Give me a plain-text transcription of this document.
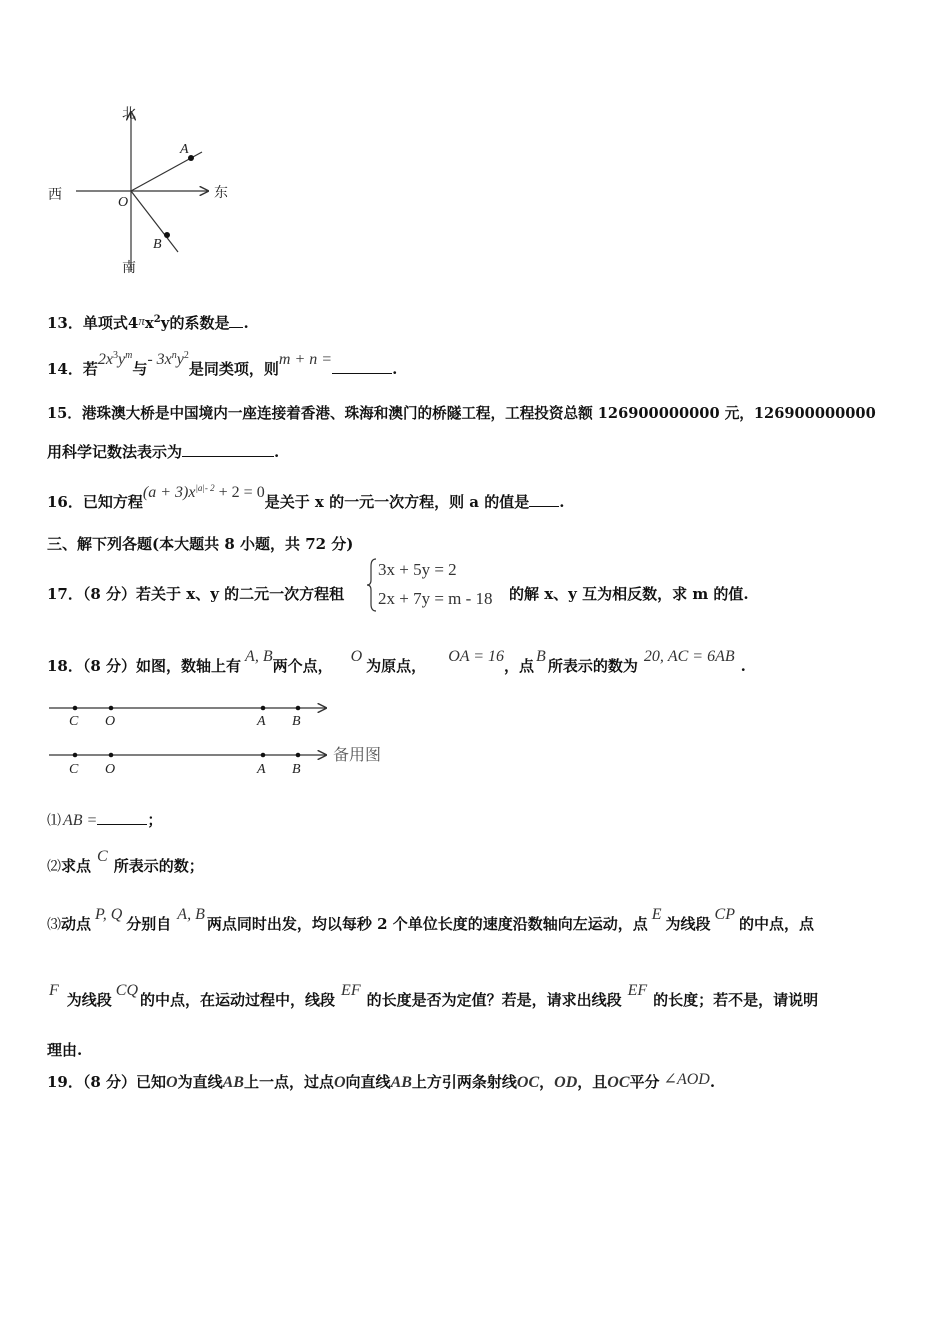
北
南
东
西	O
A
B
13．单项式$4\pi x^2y$的系数是 .
14．若$2x^3y^m$与- $3x^ny^2$是同类项，则m + n =.
15．港珠澳大桥是中国境内一座连接着香港、珠海和澳门的桥隧工程，工程投资总额 126900000000 元，126900000000
用科学记数法表示为	.
16．已知方程$(a + 3)x^{|a|- 2} + 2 = 0$是关于 x 的一元一次方程，则 a 的值是 .
三、解下列各题(本大题共 8 小题，共 72 分)
17．（8 分）若关于 x、y 的二元一次方程租
3x + 5y = 2
2x + 7y = m - 18 的解 x、y 互为相反数，求 m 的值.
18．（8 分）如图，数轴上有A, B两个点，O为原点，OA = 16，点B所表示的数为20, AC = 6AB.
C O	A B
C O	A B
备用图
⑴ AB =	；
⑵求点C所表示的数；
⑶动点P, Q分别自A, B两点同时出发，均以每秒 2 个单位长度的速度沿数轴向左运动，点E为线段CP的中点，点
F为线段CQ的中点，在运动过程中，线段EF的长度是否为定值？若是，请求出线段EF的长度；若不是，请说明
理由.
19．（8 分）已知O为直线AB上一点，过点O向直线AB上方引两条射线OC，OD，且OC平分 ∠AOD.
